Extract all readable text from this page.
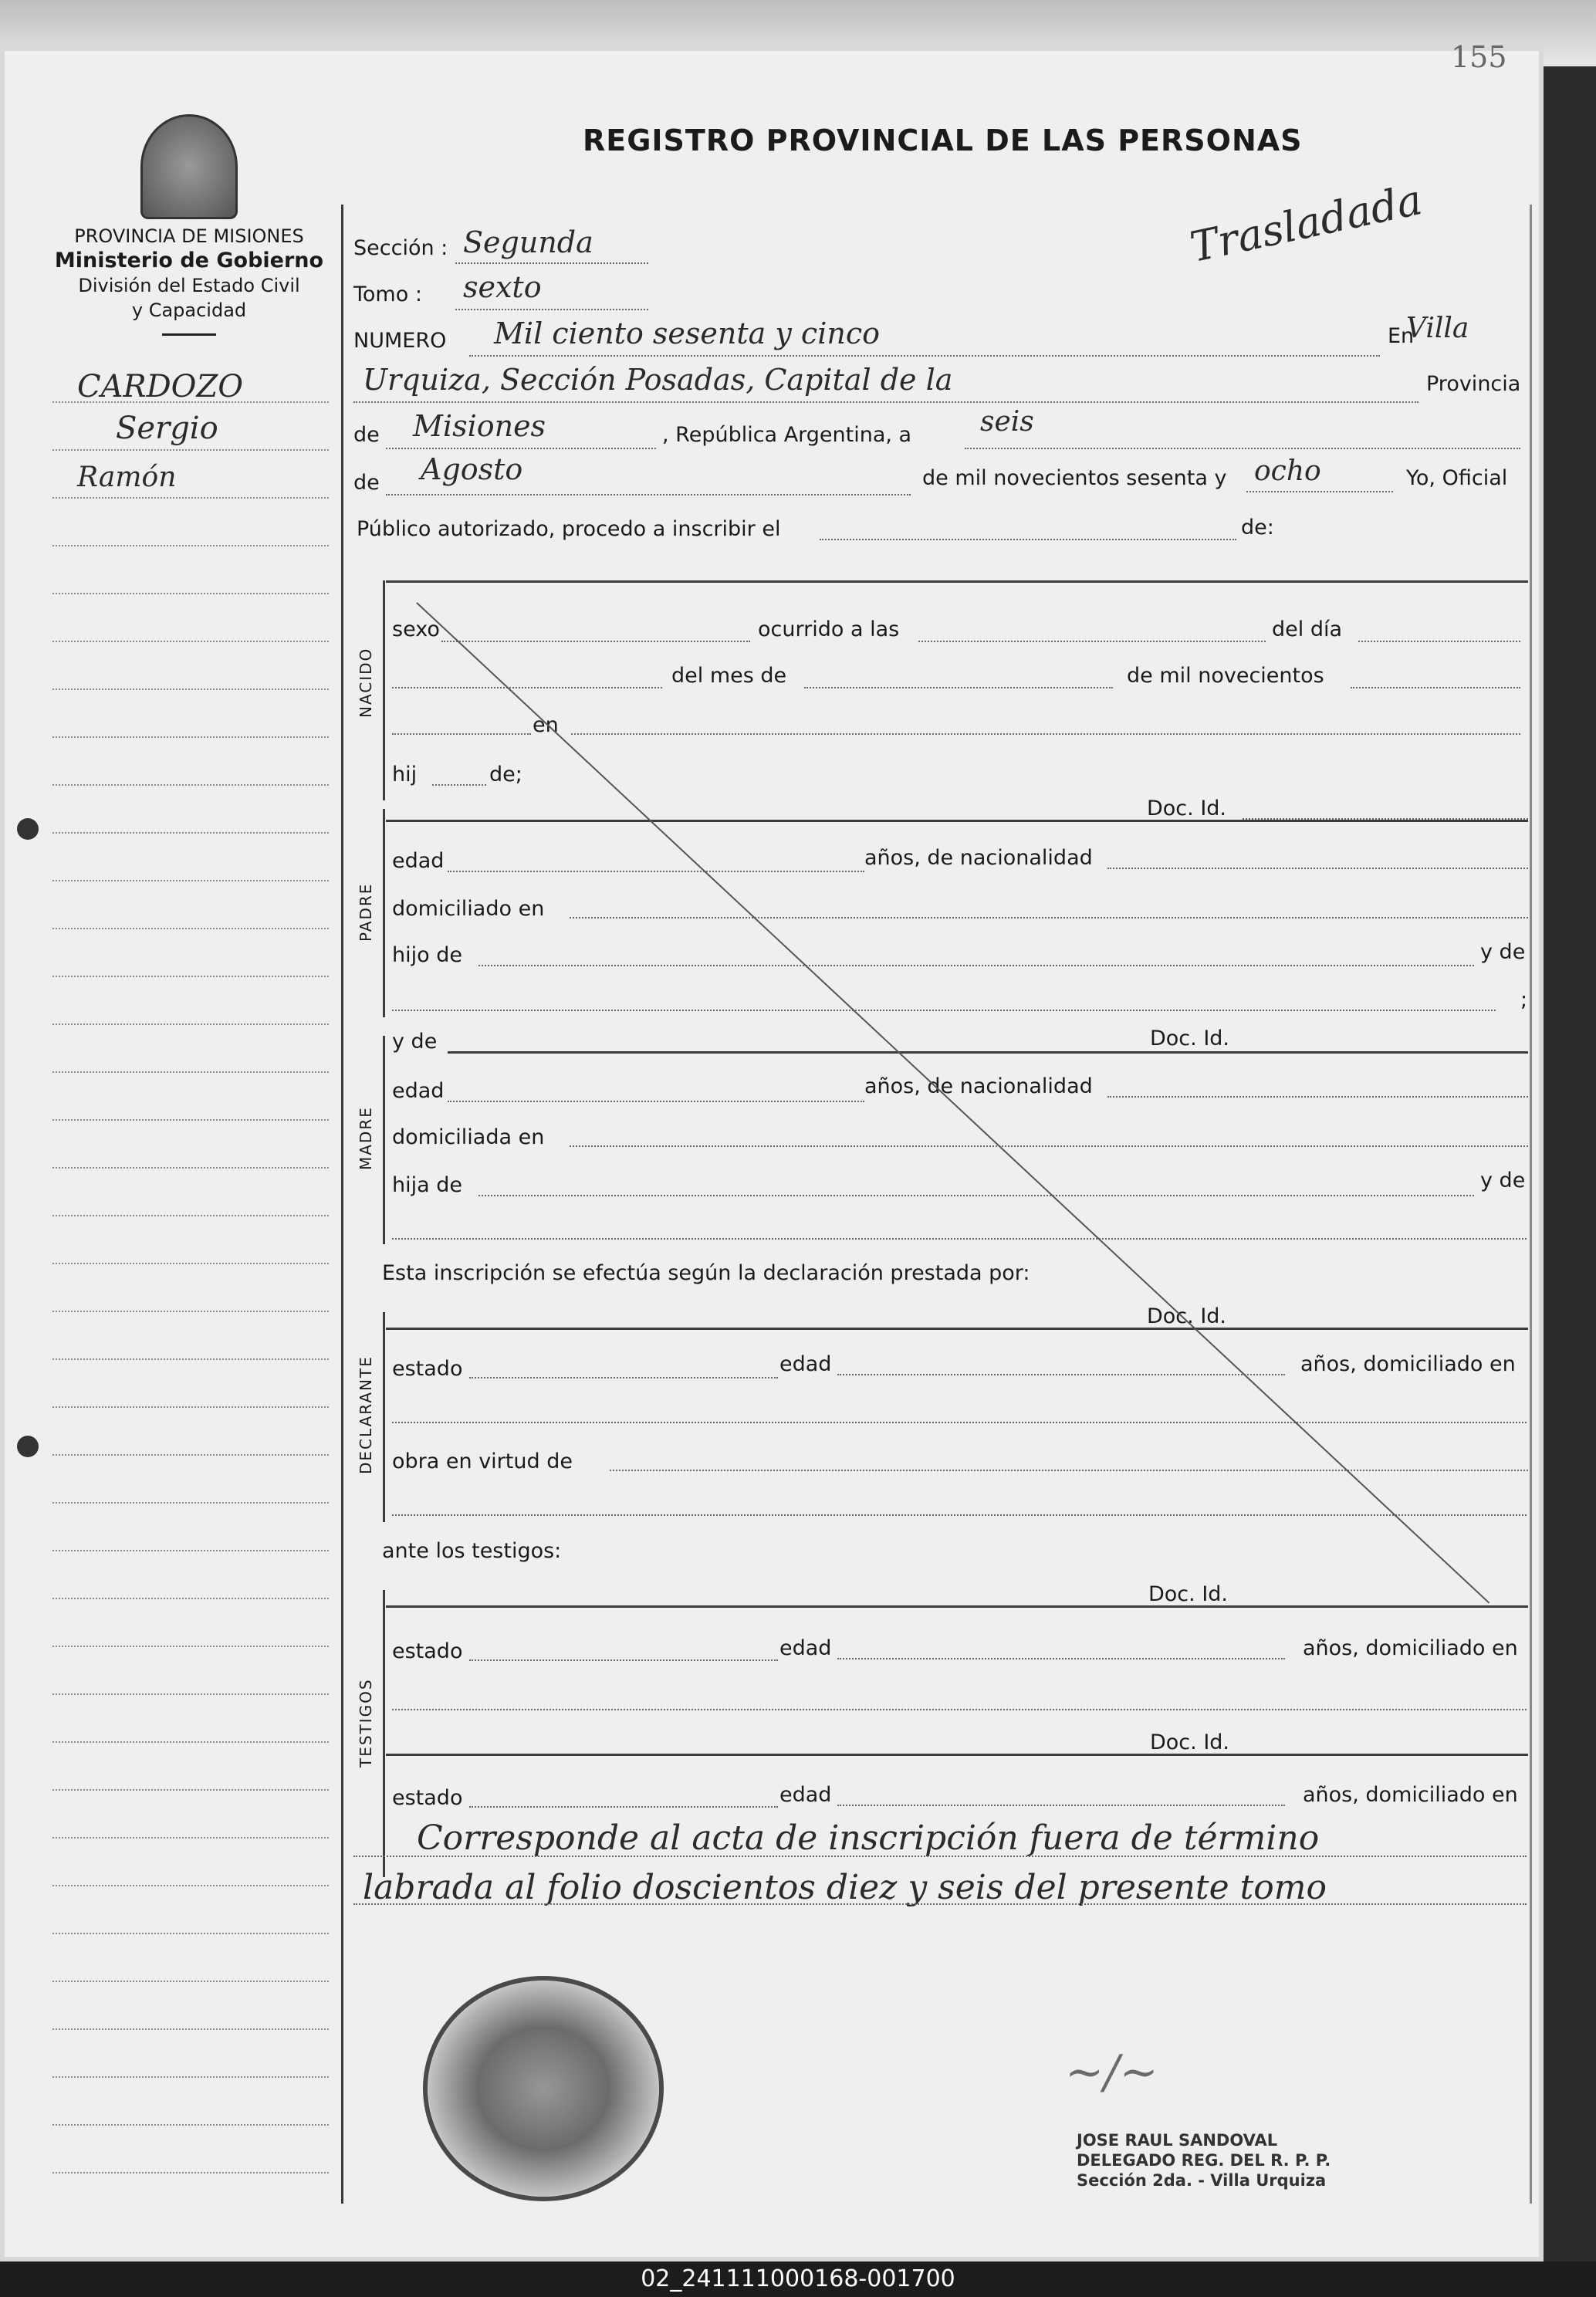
155
REGISTRO PROVINCIAL DE LAS PERSONAS
PROVINCIA DE MISIONES
Ministerio de Gobierno
División del Estado Civil
y Capacidad
CARDOZO
Sergio
Ramón
Sección : Segunda
Tomo : sexto
Trasladada
NUMERO Mil ciento sesenta y cinco	En
Villa
Urquiza, Sección Posadas, Capital de la	Provincia
de Misiones	, República Argentina, a seis
de Agosto	de mil novecientos sesenta y ocho	Yo, Oficial
Público autorizado, procedo a inscribir el	de:
NACIDO
sexo	ocurrido a las	del día
del mes de	de mil novecientos
en
hij	de;
PADRE
Doc. Id.
edad	años, de nacionalidad
domiciliado en
hijo de	y de
;
MADRE
y de	Doc. Id.
edad	años, de nacionalidad
domiciliada en
hija de	y de
Esta inscripción se efectúa según la declaración prestada por:
DECLARANTE
Doc. Id.
estado	edad	años, domiciliado en
obra en virtud de
ante los testigos:
TESTIGOS
Doc. Id.
estado	edad	años, domiciliado en
Doc. Id.
estado	edad	años, domiciliado en
Corresponde al acta de inscripción fuera de término
labrada al folio doscientos diez y seis del presente tomo
~/~
JOSE RAUL SANDOVAL
DELEGADO REG. DEL R. P. P.
Sección 2da. - Villa Urquiza
02_241111000168-001700
